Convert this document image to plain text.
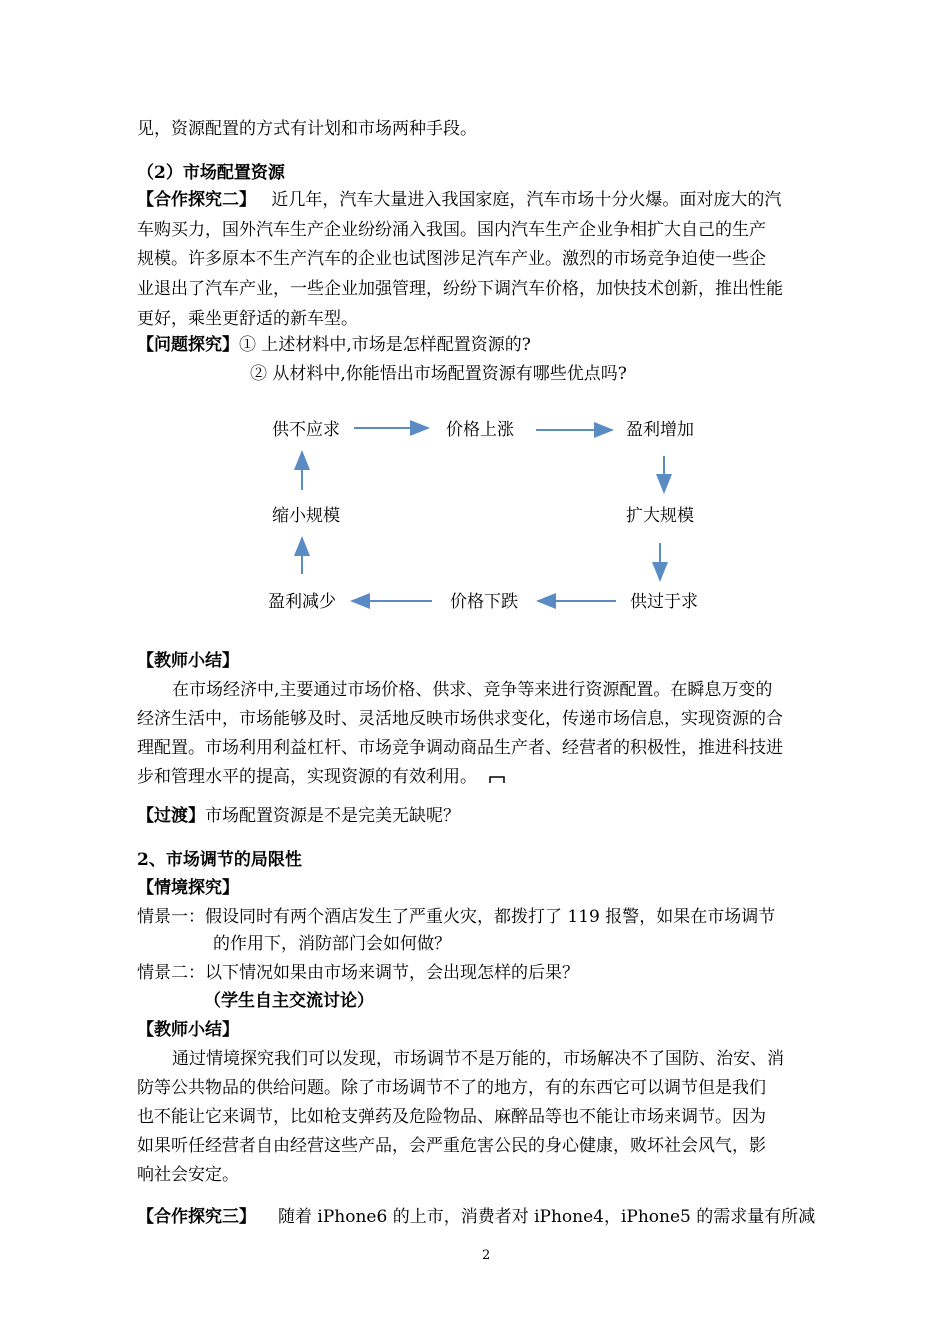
见，资源配置的方式有计划和市场两种手段。
（2）市场配置资源
【合作探究二】 近几年，汽车大量进入我国家庭，汽车市场十分火爆。面对庞大的汽
车购买力，国外汽车生产企业纷纷涌入我国。国内汽车生产企业争相扩大自己的生产
规模。许多原本不生产汽车的企业也试图涉足汽车产业。激烈的市场竞争迫使一些企
业退出了汽车产业，一些企业加强管理，纷纷下调汽车价格，加快技术创新，推出性能
更好，乘坐更舒适的新车型。
【问题探究】① 上述材料中,市场是怎样配置资源的?
② 从材料中,你能悟出市场配置资源有哪些优点吗?
供不应求	价格上涨	盈利增加
扩大规模
供过于求
价格下跌
盈利减少
缩小规模
【教师小结】
在市场经济中,主要通过市场价格、供求、竞争等来进行资源配置。在瞬息万变的
经济生活中，市场能够及时、灵活地反映市场供求变化，传递市场信息，实现资源的合
理配置。市场利用利益杠杆、市场竞争调动商品生产者、经营者的积极性，推进科技进
步和管理水平的提高，实现资源的有效利用。
【过渡】市场配置资源是不是完美无缺呢？
2、市场调节的局限性
【情境探究】
情景一：假设同时有两个酒店发生了严重火灾，都拨打了 119 报警，如果在市场调节
的作用下，消防部门会如何做？
情景二：以下情况如果由市场来调节，会出现怎样的后果？
（学生自主交流讨论）
【教师小结】
通过情境探究我们可以发现，市场调节不是万能的，市场解决不了国防、治安、消
防等公共物品的供给问题。除了市场调节不了的地方，有的东西它可以调节但是我们
也不能让它来调节，比如枪支弹药及危险物品、麻醉品等也不能让市场来调节。因为
如果听任经营者自由经营这些产品，会严重危害公民的身心健康，败坏社会风气，影
响社会安定。
【合作探究三】 随着 iPhone6 的上市，消费者对 iPhone4，iPhone5 的需求量有所减
2
